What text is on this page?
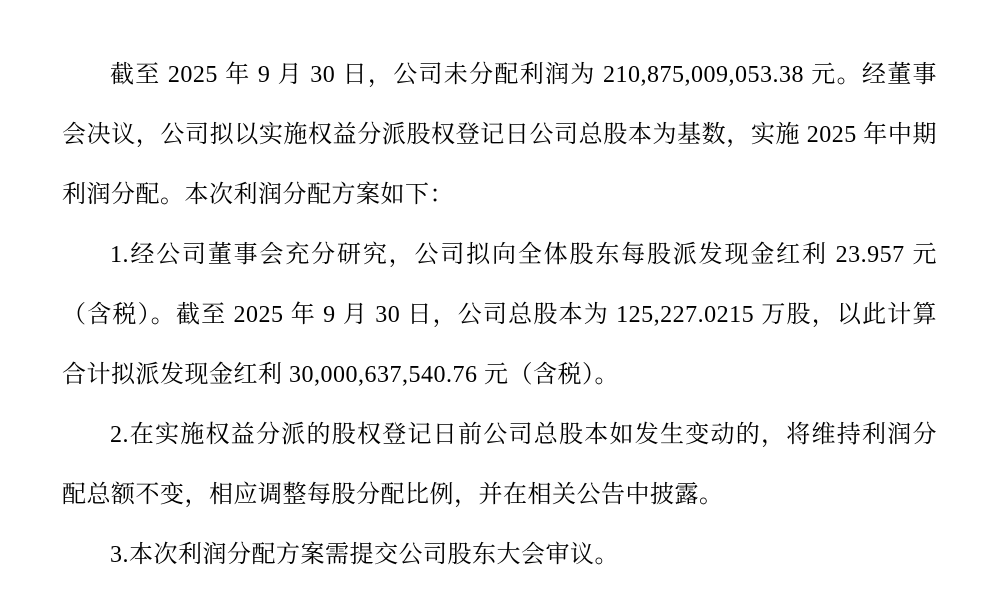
截至 2025 年 9 月 30 日，公司未分配利润为 210,875,009,053.38 元。经董事会决议，公司拟以实施权益分派股权登记日公司总股本为基数，实施 2025 年中期利润分配。本次利润分配方案如下：

1.经公司董事会充分研究，公司拟向全体股东每股派发现金红利 23.957 元（含税）。截至 2025 年 9 月 30 日，公司总股本为 125,227.0215 万股，以此计算合计拟派发现金红利 30,000,637,540.76 元（含税）。

2.在实施权益分派的股权登记日前公司总股本如发生变动的，将维持利润分配总额不变，相应调整每股分配比例，并在相关公告中披露。

3.本次利润分配方案需提交公司股东大会审议。
